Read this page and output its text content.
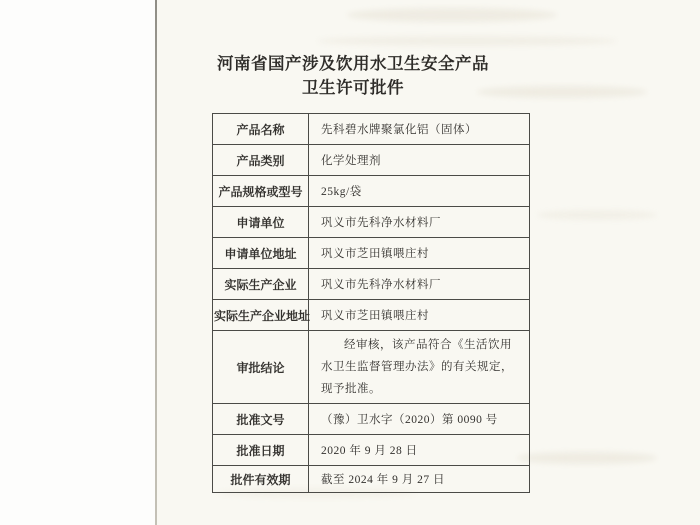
河南省国产涉及饮用水卫生安全产品
卫生许可批件
产品名称	先科碧水牌聚氯化铝（固体）
产品类别	化学处理剂
产品规格或型号	25kg/袋
申请单位	巩义市先科净水材料厂
申请单位地址	巩义市芝田镇喂庄村
实际生产企业	巩义市先科净水材料厂
实际生产企业地址	巩义市芝田镇喂庄村
审批结论	经审核，该产品符合《生活饮用水卫生监督管理办法》的有关规定，现予批准。
批准文号	（豫）卫水字（2020）第 0090 号
批准日期	2020 年 9 月 28 日
批件有效期	截至 2024 年 9 月 27 日
